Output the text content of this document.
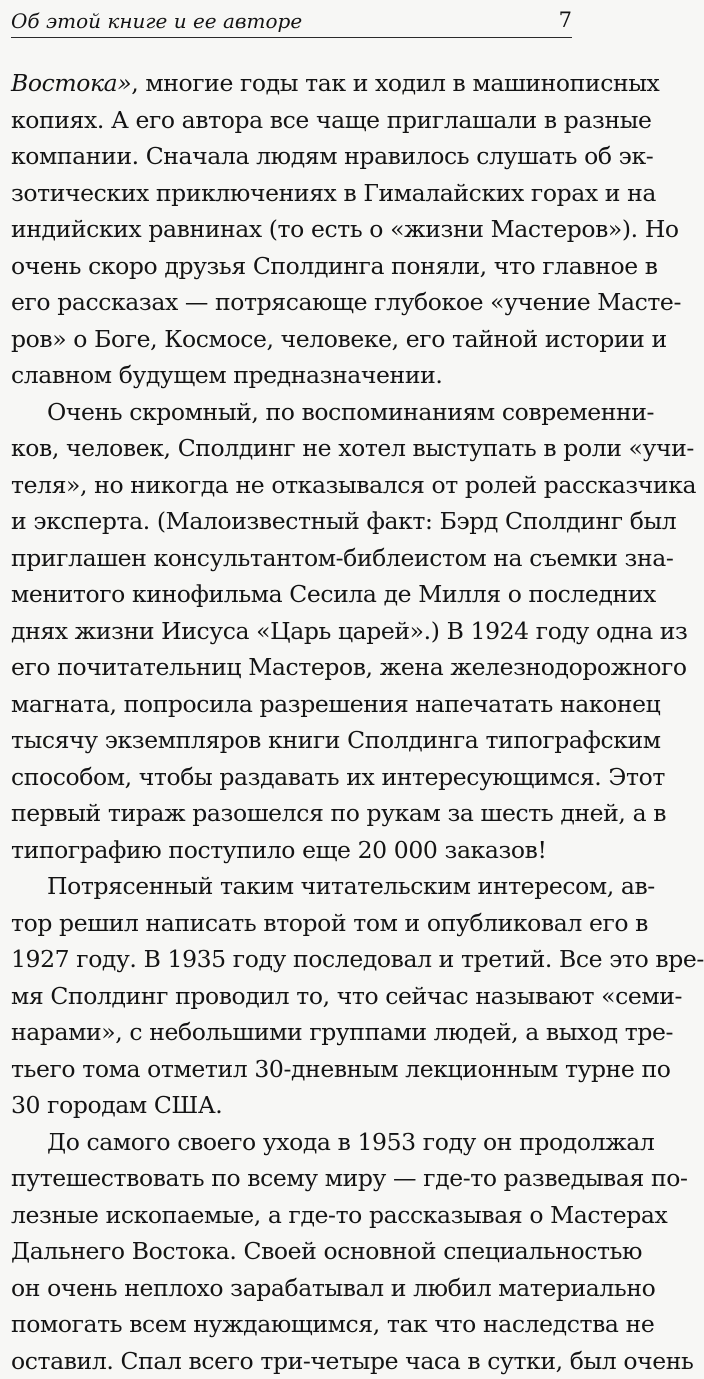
Об этой книге и ее авторе	7
Востока», многие годы так и ходил в машинописных
копиях. А его автора все чаще приглашали в разные
компании. Сначала людям нравилось слушать об эк-
зотических приключениях в Гималайских горах и на
индийских равнинах (то есть о «жизни Мастеров»). Но
очень скоро друзья Сполдинга поняли, что главное в
его рассказах — потрясающе глубокое «учение Мастe-
ров» о Боге, Космосе, человеке, его тайной истории и
славном будущем предназначении.
Очень скромный, по воспоминаниям современни-
ков, человек, Сполдинг не хотел выступать в роли «учи-
теля», но никогда не отказывался от ролей рассказчика
и эксперта. (Малоизвестный факт: Бэрд Сполдинг был
приглашен консультантом-библеистом на съемки зна-
менитого кинофильма Сесила де Милля о последних
днях жизни Иисуса «Царь царей».) В 1924 году одна из
его почитательниц Мастеров, жена железнодорожного
магната, попросила разрешения напечатать наконец
тысячу экземпляров книги Сполдинга типографским
способом, чтобы раздавать их интересующимся. Этот
первый тираж разошелся по рукам за шесть дней, а в
типографию поступило еще 20 000 заказов!
Потрясенный таким читательским интересом, ав-
тор решил написать второй том и опубликовал его в
1927 году. В 1935 году последовал и третий. Все это вре-
мя Сполдинг проводил то, что сейчас называют «семи-
нарами», с небольшими группами людей, а выход тре-
тьего тома отметил 30-дневным лекционным турне по
30 городам США.
До самого своего ухода в 1953 году он продолжал
путешествовать по всему миру — где-то разведывая по-
лезные ископаемые, а где-то рассказывая о Мастерах
Дальнего Востока. Своей основной специальностью
он очень неплохо зарабатывал и любил материально
помогать всем нуждающимся, так что наследства не
оставил. Спал всего три-четыре часа в сутки, был очень
